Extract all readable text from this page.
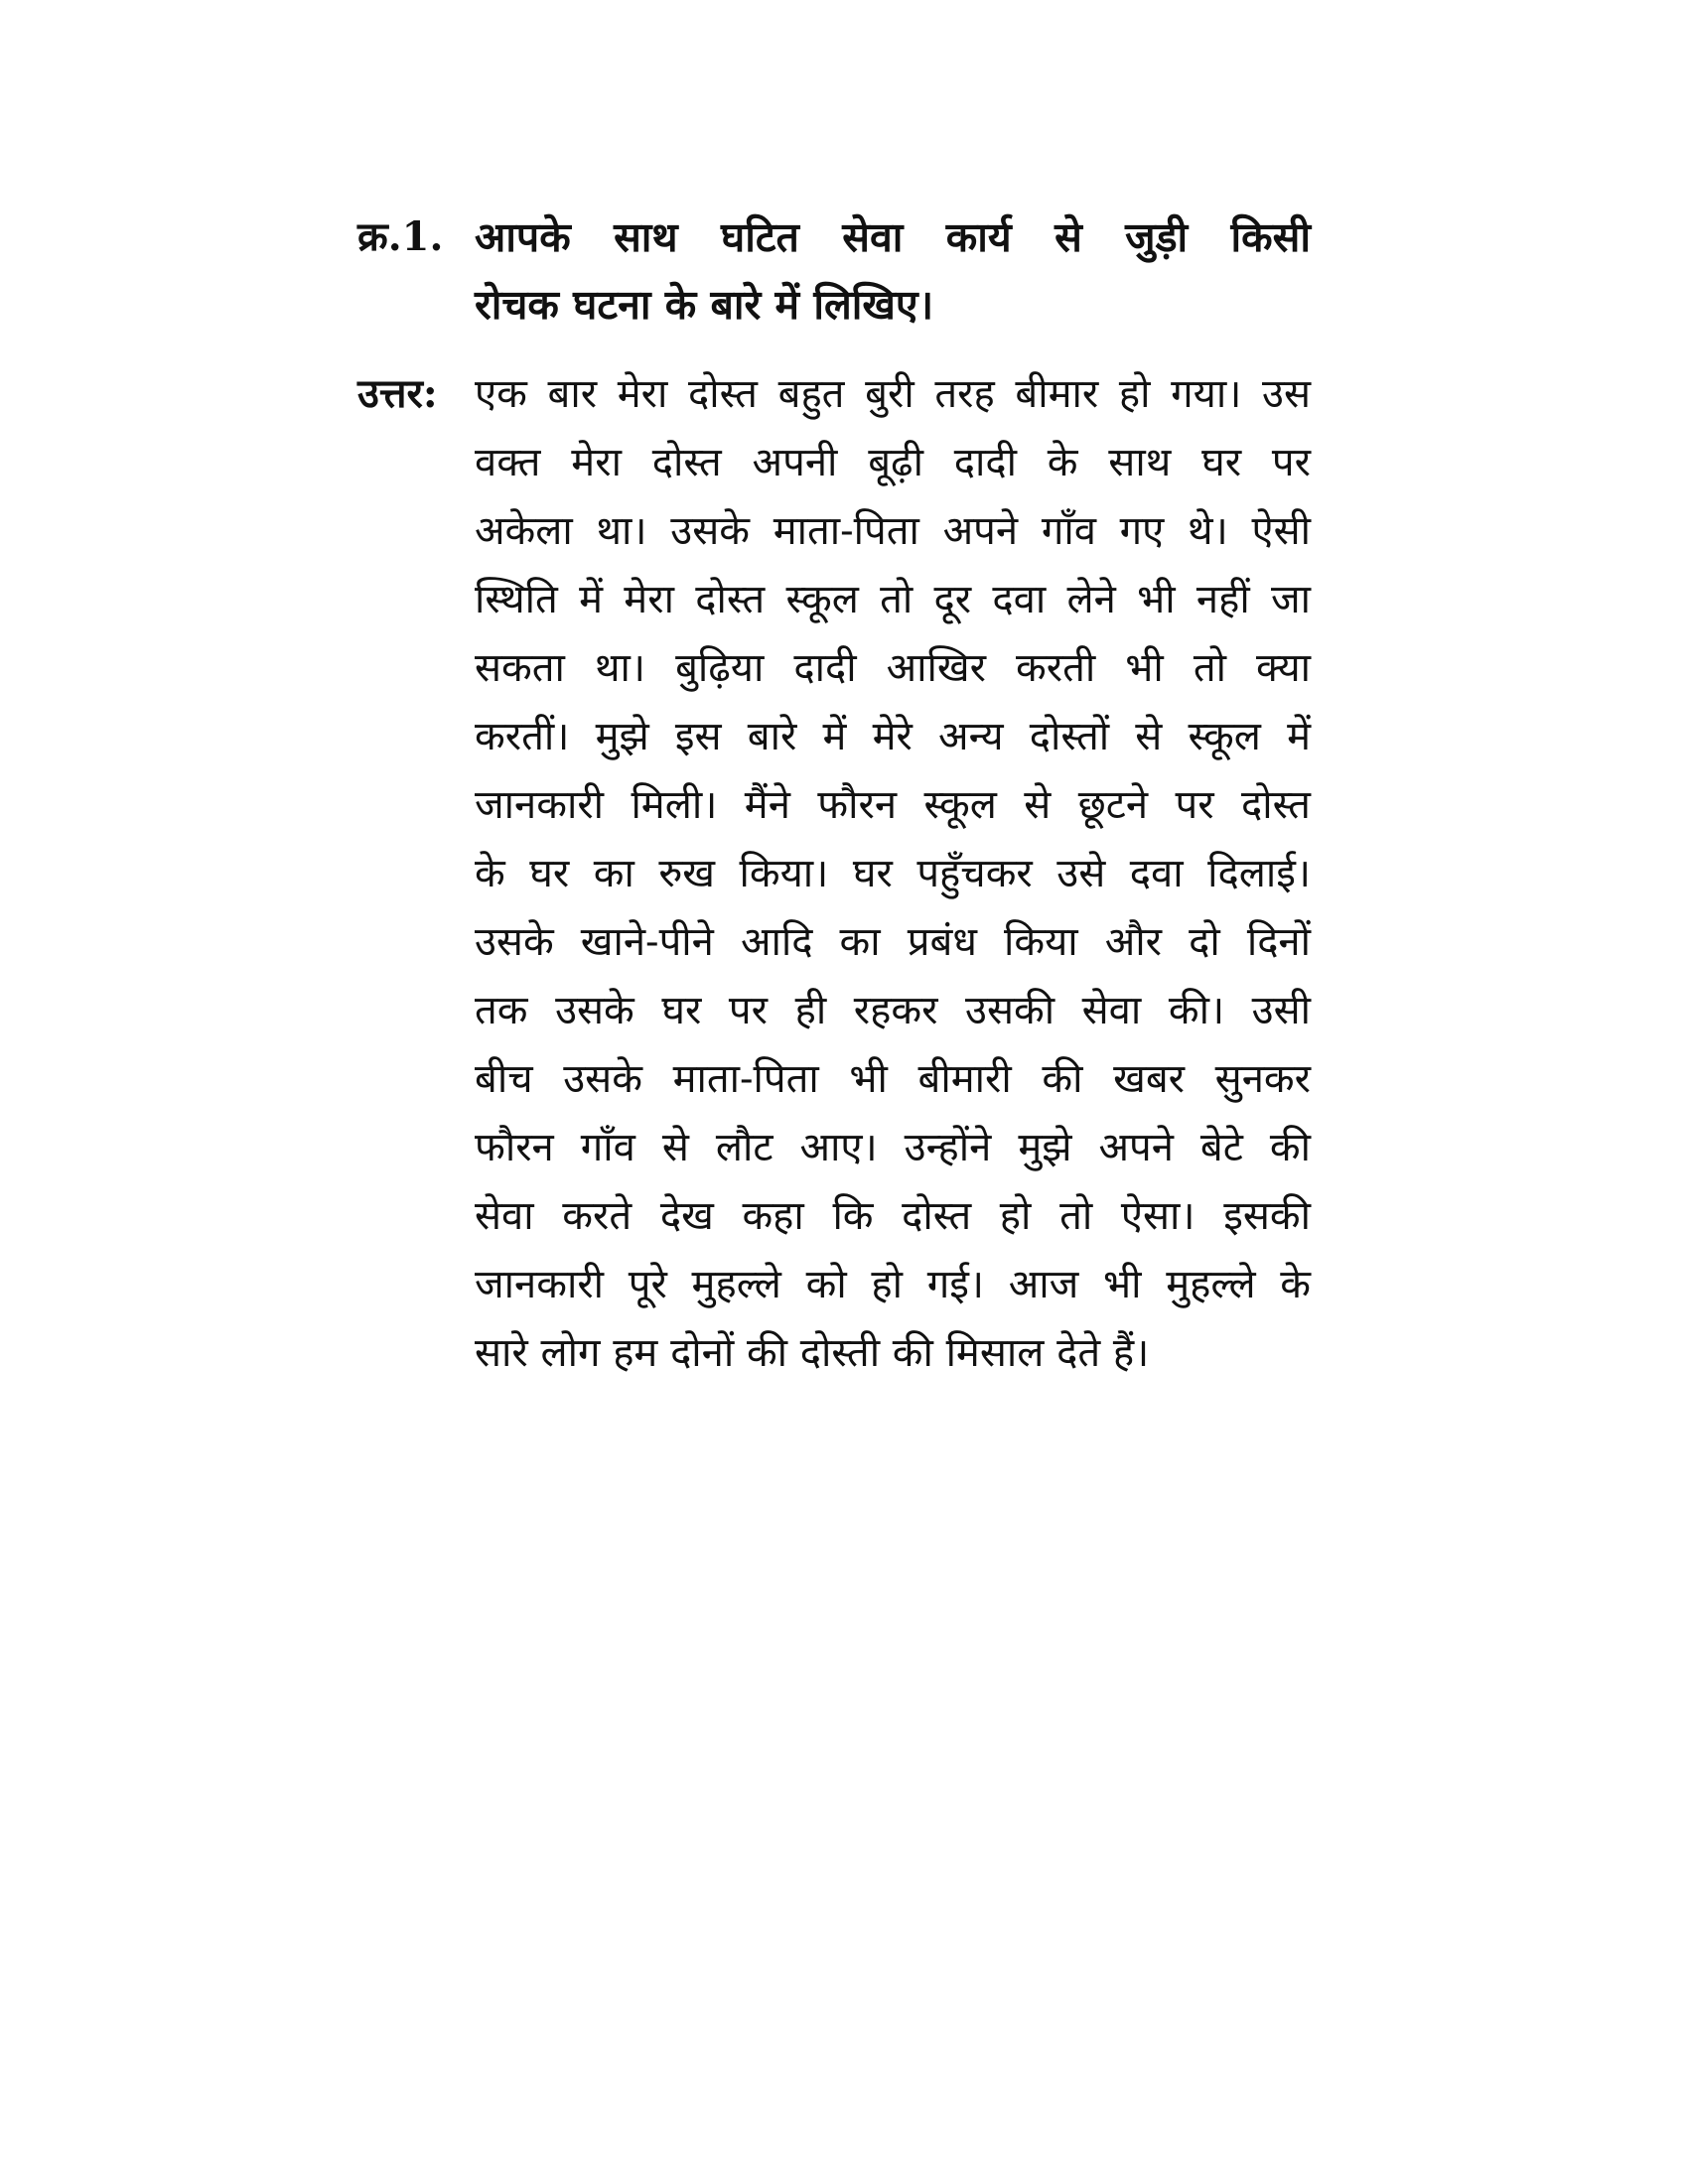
क्र.1. आपके साथ घटित सेवा कार्य से जुड़ी किसी
रोचक घटना के बारे में लिखिए।
उत्तर: एक बार मेरा दोस्त बहुत बुरी तरह बीमार हो गया। उस
वक्त मेरा दोस्त अपनी बूढ़ी दादी के साथ घर पर
अकेला था। उसके माता-पिता अपने गाँव गए थे। ऐसी
स्थिति में मेरा दोस्त स्कूल तो दूर दवा लेने भी नहीं जा
सकता था। बुढ़िया दादी आखिर करती भी तो क्या
करतीं। मुझे इस बारे में मेरे अन्य दोस्तों से स्कूल में
जानकारी मिली। मैंने फौरन स्कूल से छूटने पर दोस्त
के घर का रुख किया। घर पहुँचकर उसे दवा दिलाई।
उसके खाने-पीने आदि का प्रबंध किया और दो दिनों
तक उसके घर पर ही रहकर उसकी सेवा की। उसी
बीच उसके माता-पिता भी बीमारी की खबर सुनकर
फौरन गाँव से लौट आए। उन्होंने मुझे अपने बेटे की
सेवा करते देख कहा कि दोस्त हो तो ऐसा। इसकी
जानकारी पूरे मुहल्ले को हो गई। आज भी मुहल्ले के
सारे लोग हम दोनों की दोस्ती की मिसाल देते हैं।
